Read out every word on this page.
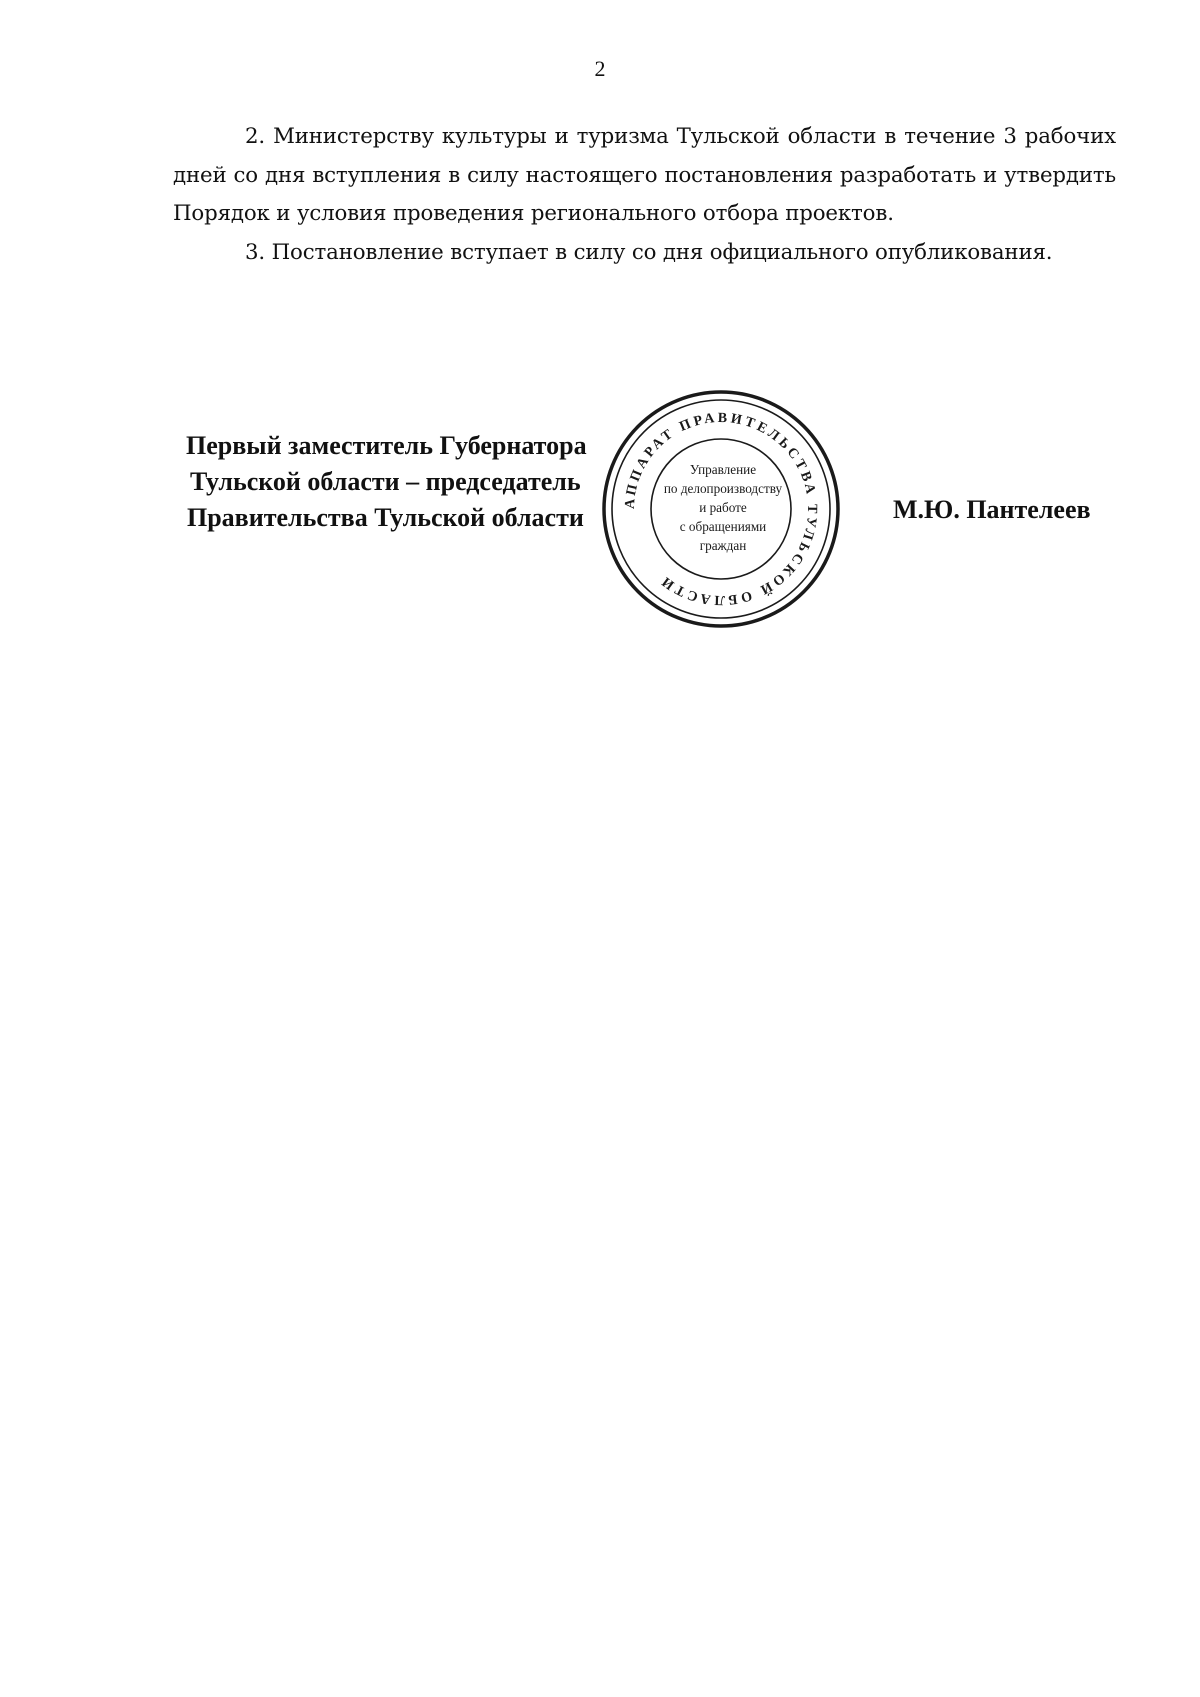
2

2. Министерству культуры и туризма Тульской области в течение 3 рабочих дней со дня вступления в силу настоящего постановления разработать и утвердить Порядок и условия проведения регионального отбора проектов.

3. Постановление вступает в силу со дня официального опубликования.

Первый заместитель Губернатора
Тульской области – председатель
Правительства Тульской области	М.Ю. Пантелеев
АППАРАТ ПРАВИТЕЛЬСТВА ТУЛЬСКОЙ ОБЛАСТИ
Управление
по делопроизводству
и работе
с обращениями
граждан
